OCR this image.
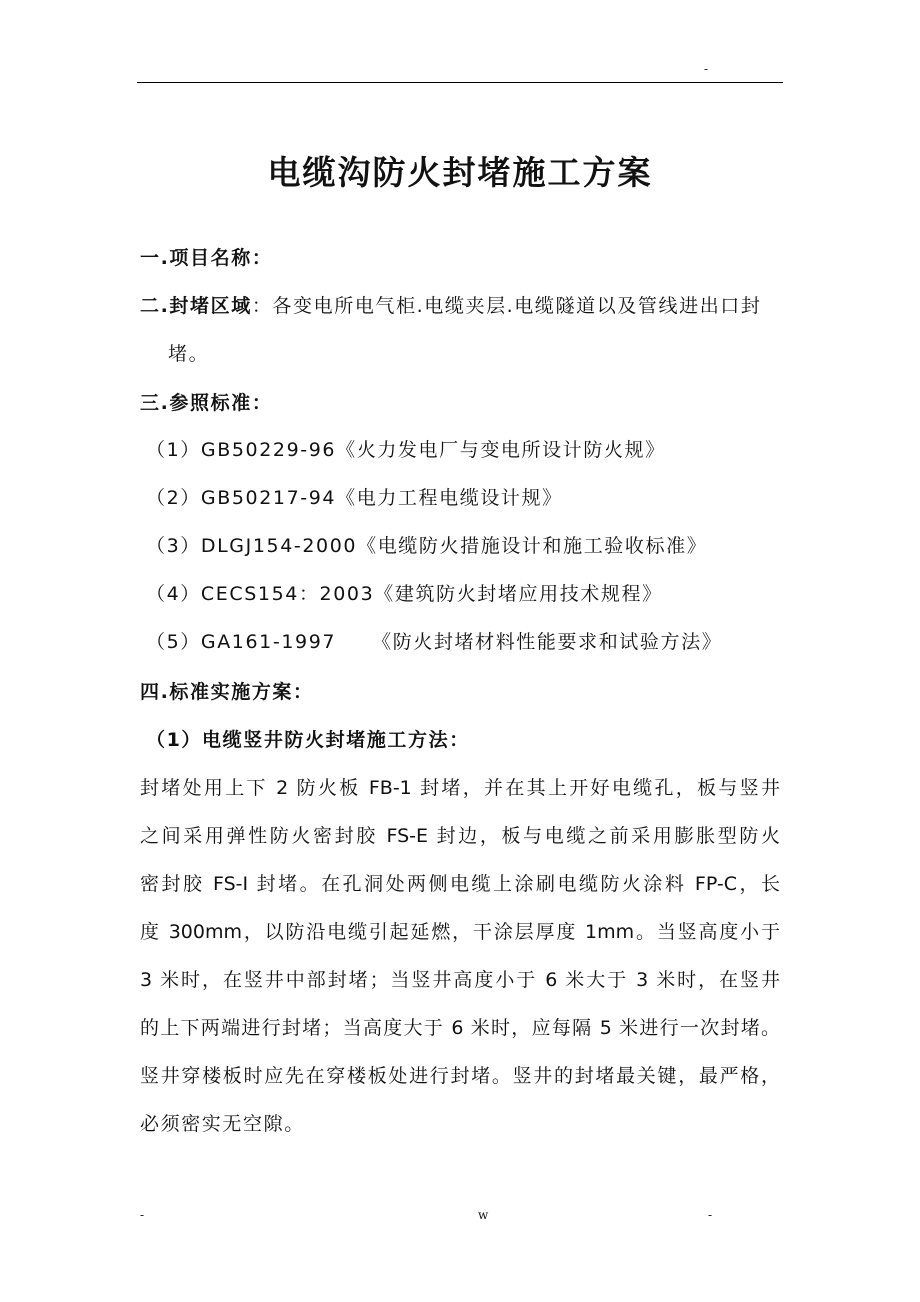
-
电缆沟防火封堵施工方案
一.项目名称：
二.封堵区域：各变电所电气柜.电缆夹层.电缆隧道以及管线进出口封
堵。
三.参照标准：
（1）GB50229-96《火力发电厂与变电所设计防火规》
（2）GB50217-94《电力工程电缆设计规》
（3）DLGJ154-2000《电缆防火措施设计和施工验收标准》
（4）CECS154：2003《建筑防火封堵应用技术规程》
（5）GA161-1997 《防火封堵材料性能要求和试验方法》
四.标准实施方案：
（1）电缆竖井防火封堵施工方法：
封堵处用上下 2 防火板 FB-1 封堵，并在其上开好电缆孔，板与竖井
之间采用弹性防火密封胶 FS-E 封边，板与电缆之前采用膨胀型防火
密封胶 FS-I 封堵。在孔洞处两侧电缆上涂刷电缆防火涂料 FP-C，长
度 300mm，以防沿电缆引起延燃，干涂层厚度 1mm。当竖高度小于
3 米时，在竖井中部封堵；当竖井高度小于 6 米大于 3 米时，在竖井
的上下两端进行封堵；当高度大于 6 米时，应每隔 5 米进行一次封堵。
竖井穿楼板时应先在穿楼板处进行封堵。竖井的封堵最关键，最严格，
必须密实无空隙。
-	w	-
